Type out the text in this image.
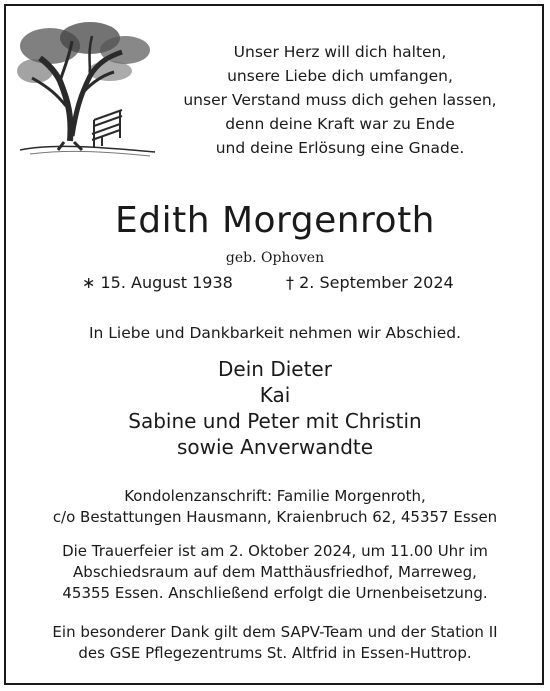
Unser Herz will dich halten,
unsere Liebe dich umfangen,
unser Verstand muss dich gehen lassen,
denn deine Kraft war zu Ende
und deine Erlösung eine Gnade.
Edith Morgenroth
geb. Ophoven
∗ 15. August 1938	† 2. September 2024
In Liebe und Dankbarkeit nehmen wir Abschied.
Dein Dieter
Kai
Sabine und Peter mit Christin
sowie Anverwandte
Kondolenzanschrift: Familie Morgenroth,
c/o Bestattungen Hausmann, Kraienbruch 62, 45357 Essen
Die Trauerfeier ist am 2. Oktober 2024, um 11.00 Uhr im
Abschiedsraum auf dem Matthäusfriedhof, Marreweg,
45355 Essen. Anschließend erfolgt die Urnenbeisetzung.
Ein besonderer Dank gilt dem SAPV-Team und der Station II
des GSE Pflegezentrums St. Altfrid in Essen-Huttrop.
